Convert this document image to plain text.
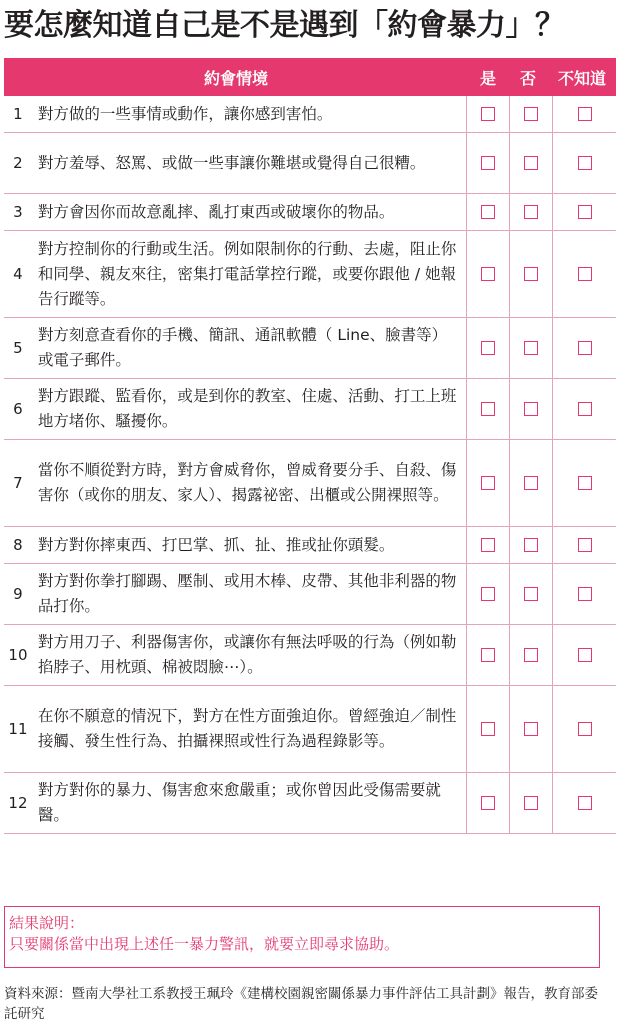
要怎麼知道自己是不是遇到「約會暴力」？
約會情境	是	否	不知道
1 對方做的一些事情或動作，讓你感到害怕。
2 對方羞辱、怒罵、或做一些事讓你難堪或覺得自己很糟。
3 對方會因你而故意亂摔、亂打東西或破壞你的物品。
4
對方控制你的行動或生活。例如限制你的行動、去處，阻止你和同學、親友來往，密集打電話掌控行蹤，或要你跟他 / 她報告行蹤等。
5
對方刻意查看你的手機、簡訊、通訊軟體（ Line、臉書等）或電子郵件。
6
對方跟蹤、監看你，或是到你的教室、住處、活動、打工上班地方堵你、騷擾你。
7
當你不順從對方時，對方會威脅你，曾威脅要分手、自殺、傷害你（或你的朋友、家人）、揭露祕密、出櫃或公開裸照等。
8 對方對你摔東西、打巴掌、抓、扯、推或扯你頭髮。
9
對方對你拳打腳踢、壓制、或用木棒、皮帶、其他非利器的物品打你。
10
對方用刀子、利器傷害你，或讓你有無法呼吸的行為（例如勒掐脖子、用枕頭、棉被悶臉⋯）。
11
在你不願意的情況下，對方在性方面強迫你。曾經強迫／制性接觸、發生性行為、拍攝裸照或性行為過程錄影等。
12
對方對你的暴力、傷害愈來愈嚴重；或你曾因此受傷需要就醫。
結果說明：
只要關係當中出現上述任一暴力警訊，就要立即尋求協助。
資料來源：暨南大學社工系教授王珮玲《建構校園親密關係暴力事件評估工具計劃》報告，教育部委託研究
